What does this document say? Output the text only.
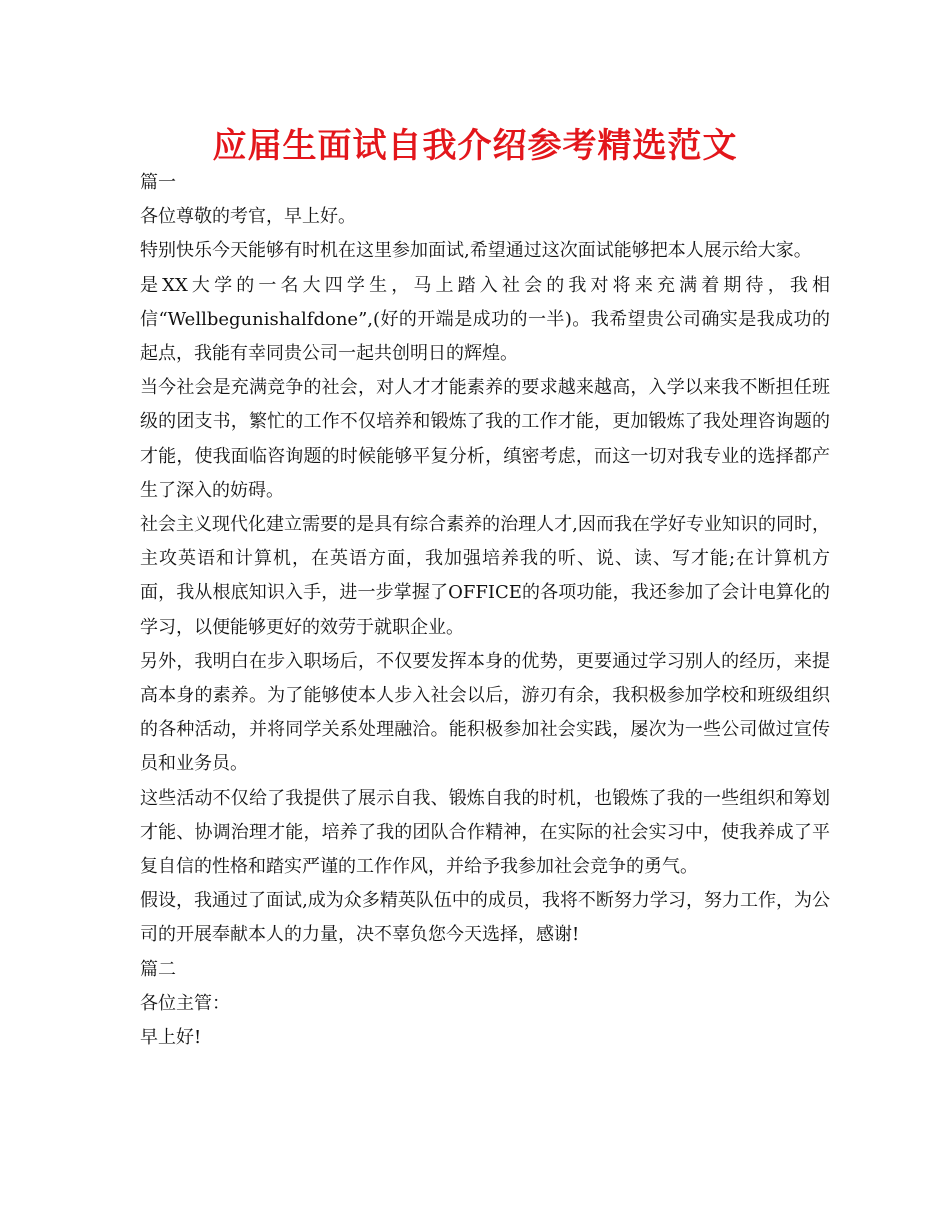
应届生面试自我介绍参考精选范文

篇一

各位尊敬的考官，早上好。

特别快乐今天能够有时机在这里参加面试,希望通过这次面试能够把本人展示给大家。

是XX大学的一名大四学生，马上踏入社会的我对将来充满着期待，我相信“Wellbegunishalfdone”,(好的开端是成功的一半)。我希望贵公司确实是我成功的起点，我能有幸同贵公司一起共创明日的辉煌。

当今社会是充满竞争的社会，对人才才能素养的要求越来越高，入学以来我不断担任班级的团支书，繁忙的工作不仅培养和锻炼了我的工作才能，更加锻炼了我处理咨询题的才能，使我面临咨询题的时候能够平复分析，缜密考虑，而这一切对我专业的选择都产生了深入的妨碍。

社会主义现代化建立需要的是具有综合素养的治理人才,因而我在学好专业知识的同时，主攻英语和计算机，在英语方面，我加强培养我的听、说、读、写才能;在计算机方面，我从根底知识入手，进一步掌握了OFFICE的各项功能，我还参加了会计电算化的学习，以便能够更好的效劳于就职企业。

另外，我明白在步入职场后，不仅要发挥本身的优势，更要通过学习别人的经历，来提高本身的素养。为了能够使本人步入社会以后，游刃有余，我积极参加学校和班级组织的各种活动，并将同学关系处理融洽。能积极参加社会实践，屡次为一些公司做过宣传员和业务员。

这些活动不仅给了我提供了展示自我、锻炼自我的时机，也锻炼了我的一些组织和筹划才能、协调治理才能，培养了我的团队合作精神，在实际的社会实习中，使我养成了平复自信的性格和踏实严谨的工作作风，并给予我参加社会竞争的勇气。

假设，我通过了面试,成为众多精英队伍中的成员，我将不断努力学习，努力工作，为公司的开展奉献本人的力量，决不辜负您今天选择，感谢!

篇二

各位主管：

早上好!
